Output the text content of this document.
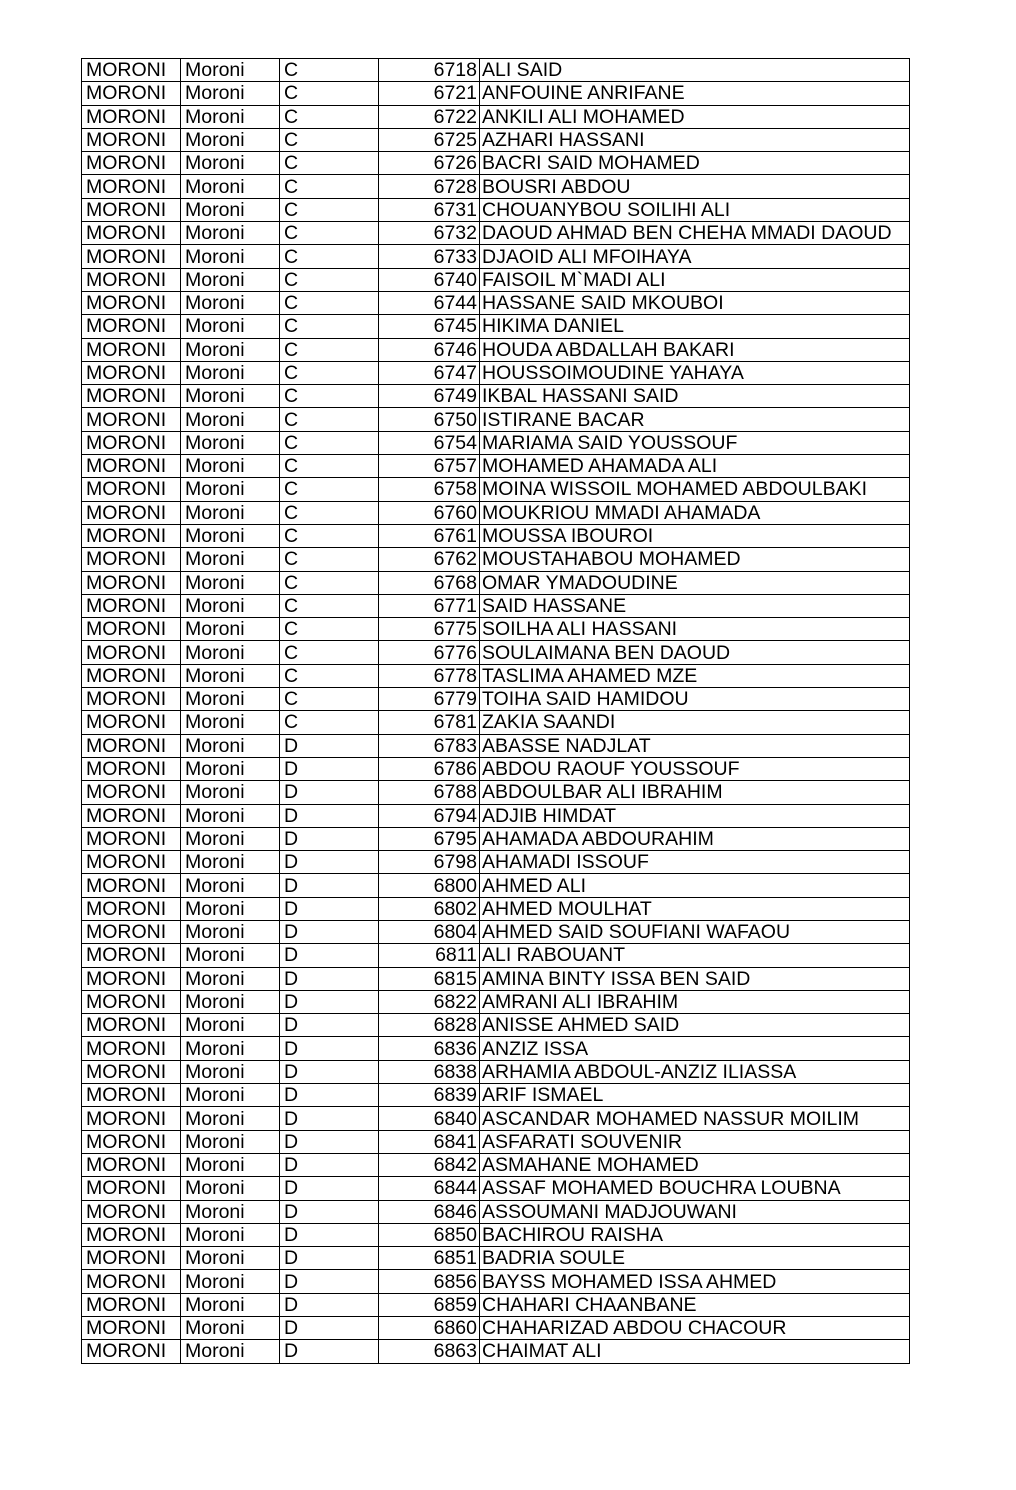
MORONI	Moroni	C	6718	ALI SAID
MORONI	Moroni	C	6721	ANFOUINE ANRIFANE
MORONI	Moroni	C	6722	ANKILI ALI MOHAMED
MORONI	Moroni	C	6725	AZHARI HASSANI
MORONI	Moroni	C	6726	BACRI SAID MOHAMED
MORONI	Moroni	C	6728	BOUSRI ABDOU
MORONI	Moroni	C	6731	CHOUANYBOU SOILIHI ALI
MORONI	Moroni	C	6732	DAOUD AHMAD BEN CHEHA MMADI DAOUD
MORONI	Moroni	C	6733	DJAOID ALI MFOIHAYA
MORONI	Moroni	C	6740	FAISOIL M`MADI ALI
MORONI	Moroni	C	6744	HASSANE SAID MKOUBOI
MORONI	Moroni	C	6745	HIKIMA DANIEL
MORONI	Moroni	C	6746	HOUDA ABDALLAH BAKARI
MORONI	Moroni	C	6747	HOUSSOIMOUDINE YAHAYA
MORONI	Moroni	C	6749	IKBAL HASSANI SAID
MORONI	Moroni	C	6750	ISTIRANE BACAR
MORONI	Moroni	C	6754	MARIAMA SAID YOUSSOUF
MORONI	Moroni	C	6757	MOHAMED AHAMADA ALI
MORONI	Moroni	C	6758	MOINA WISSOIL MOHAMED ABDOULBAKI
MORONI	Moroni	C	6760	MOUKRIOU MMADI AHAMADA
MORONI	Moroni	C	6761	MOUSSA IBOUROI
MORONI	Moroni	C	6762	MOUSTAHABOU MOHAMED
MORONI	Moroni	C	6768	OMAR YMADOUDINE
MORONI	Moroni	C	6771	SAID HASSANE
MORONI	Moroni	C	6775	SOILHA ALI HASSANI
MORONI	Moroni	C	6776	SOULAIMANA BEN DAOUD
MORONI	Moroni	C	6778	TASLIMA AHAMED MZE
MORONI	Moroni	C	6779	TOIHA SAID HAMIDOU
MORONI	Moroni	C	6781	ZAKIA SAANDI
MORONI	Moroni	D	6783	ABASSE NADJLAT
MORONI	Moroni	D	6786	ABDOU RAOUF YOUSSOUF
MORONI	Moroni	D	6788	ABDOULBAR ALI IBRAHIM
MORONI	Moroni	D	6794	ADJIB HIMDAT
MORONI	Moroni	D	6795	AHAMADA ABDOURAHIM
MORONI	Moroni	D	6798	AHAMADI ISSOUF
MORONI	Moroni	D	6800	AHMED ALI
MORONI	Moroni	D	6802	AHMED MOULHAT
MORONI	Moroni	D	6804	AHMED SAID SOUFIANI WAFAOU
MORONI	Moroni	D	6811	ALI RABOUANT
MORONI	Moroni	D	6815	AMINA BINTY ISSA BEN SAID
MORONI	Moroni	D	6822	AMRANI ALI IBRAHIM
MORONI	Moroni	D	6828	ANISSE AHMED SAID
MORONI	Moroni	D	6836	ANZIZ ISSA
MORONI	Moroni	D	6838	ARHAMIA ABDOUL-ANZIZ ILIASSA
MORONI	Moroni	D	6839	ARIF ISMAEL
MORONI	Moroni	D	6840	ASCANDAR MOHAMED NASSUR MOILIM
MORONI	Moroni	D	6841	ASFARATI SOUVENIR
MORONI	Moroni	D	6842	ASMAHANE MOHAMED
MORONI	Moroni	D	6844	ASSAF MOHAMED BOUCHRA LOUBNA
MORONI	Moroni	D	6846	ASSOUMANI MADJOUWANI
MORONI	Moroni	D	6850	BACHIROU RAISHA
MORONI	Moroni	D	6851	BADRIA SOULE
MORONI	Moroni	D	6856	BAYSS MOHAMED ISSA AHMED
MORONI	Moroni	D	6859	CHAHARI CHAANBANE
MORONI	Moroni	D	6860	CHAHARIZAD ABDOU CHACOUR
MORONI	Moroni	D	6863	CHAIMAT ALI
